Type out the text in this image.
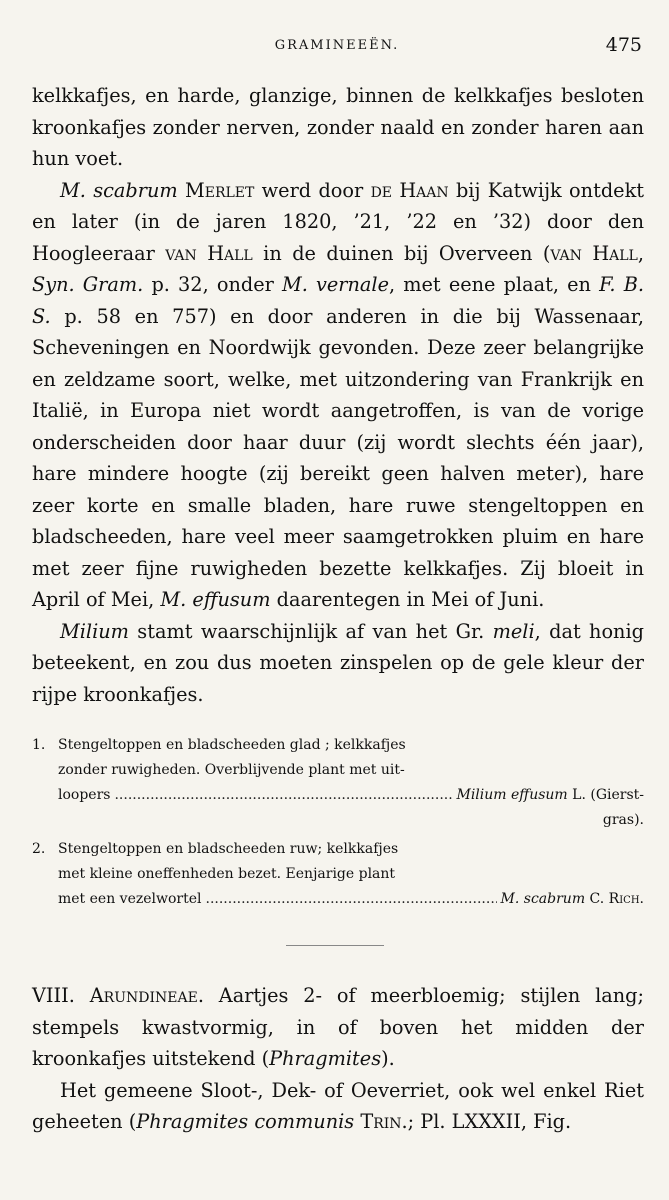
GRAMINEEËN.	475

kelkkafjes, en harde, glanzige, binnen de kelkkafjes besloten kroonkafjes zonder nerven, zonder naald en zonder haren aan hun voet.

M. scabrum Merlet werd door de Haan bij Katwijk ontdekt en later (in de jaren 1820, ’21, ’22 en ’32) door den Hoogleeraar van Hall in de duinen bij Overveen (van Hall, Syn. Gram. p. 32, onder M. vernale, met eene plaat, en F. B. S. p. 58 en 757) en door anderen in die bij Wassenaar, Scheveningen en Noordwijk gevonden. Deze zeer belangrijke en zeldzame soort, welke, met uitzondering van Frankrijk en Italië, in Europa niet wordt aangetroffen, is van de vorige onderscheiden door haar duur (zij wordt slechts één jaar), hare mindere hoogte (zij bereikt geen halven meter), hare zeer korte en smalle bladen, hare ruwe stengeltoppen en bladscheeden, hare veel meer saamgetrokken pluim en hare met zeer fijne ruwigheden bezette kelkkafjes. Zij bloeit in April of Mei, M. effusum daarentegen in Mei of Juni.

Milium stamt waarschijnlijk af van het Gr. meli, dat honig beteekent, en zou dus moeten zinspelen op de gele kleur der rijpe kroonkafjes.

1. Stengeltoppen en bladscheeden glad ; kelkkafjes
zonder ruwigheden. Overblijvende plant met uit-
loopers .....	Milium effusum L. (Gierst-
gras).
2. Stengeltoppen en bladscheeden ruw; kelkkafjes
met kleine oneffenheden bezet. Eenjarige plant
met een vezelwortel .....	M. scabrum C. Rich.

VIII. Arundineae. Aartjes 2- of meerbloemig; stijlen lang; stempels kwastvormig, in of boven het midden der kroonkafjes uitstekend (Phragmites).

Het gemeene Sloot-, Dek- of Oeverriet, ook wel enkel Riet geheeten (Phragmites communis Trin.; Pl. LXXXII, Fig.
